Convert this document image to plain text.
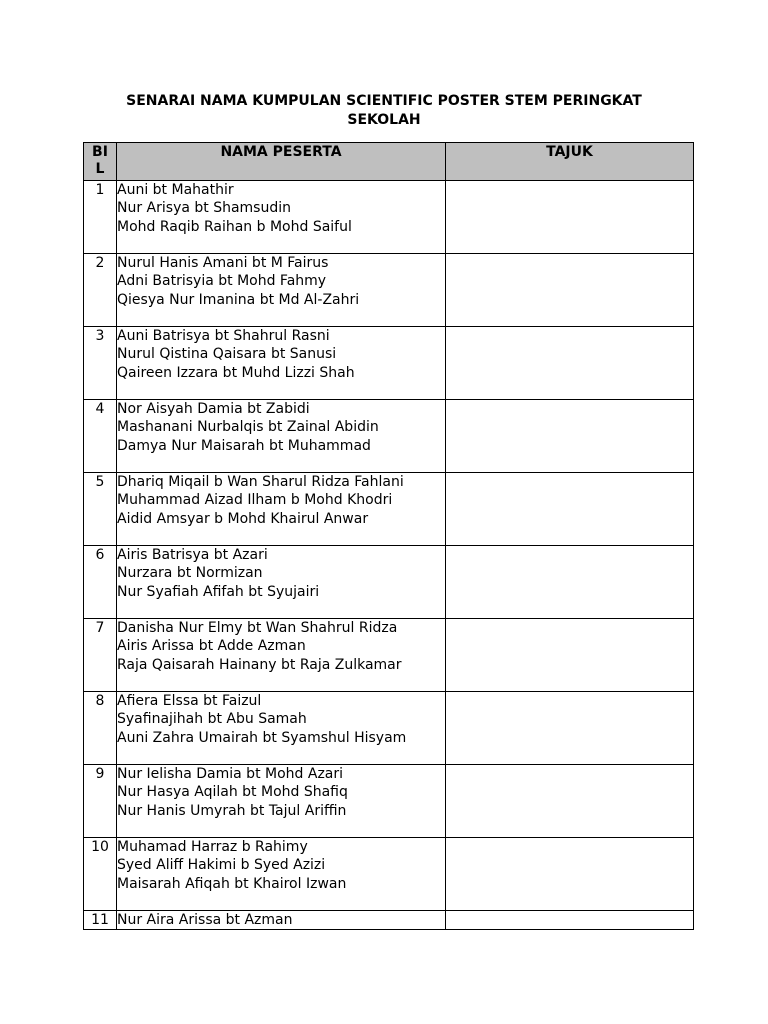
SENARAI NAMA KUMPULAN SCIENTIFIC POSTER STEM PERINGKAT SEKOLAH
BI
L	NAMA PESERTA	TAJUK
1	Auni bt Mahathir
Nur Arisya bt Shamsudin
Mohd Raqib Raihan b Mohd Saiful	

2	Nurul Hanis Amani bt M Fairus
Adni Batrisyia bt Mohd Fahmy
Qiesya Nur Imanina bt Md Al-Zahri	

3	Auni Batrisya bt Shahrul Rasni
Nurul Qistina Qaisara bt Sanusi
Qaireen Izzara bt Muhd Lizzi Shah	

4	Nor Aisyah Damia bt Zabidi
Mashanani Nurbalqis bt Zainal Abidin
Damya Nur Maisarah bt Muhammad	

5	Dhariq Miqail b Wan Sharul Ridza Fahlani
Muhammad Aizad Ilham b Mohd Khodri
Aidid Amsyar b Mohd Khairul Anwar	

6	Airis Batrisya bt Azari
Nurzara bt Normizan
Nur Syafiah Afifah bt Syujairi	

7	Danisha Nur Elmy bt Wan Shahrul Ridza
Airis Arissa bt Adde Azman
Raja Qaisarah Hainany bt Raja Zulkamar	

8	Afiera Elssa bt Faizul
Syafinajihah bt Abu Samah
Auni Zahra Umairah bt Syamshul Hisyam	

9	Nur Ielisha Damia bt Mohd Azari
Nur Hasya Aqilah bt Mohd Shafiq
Nur Hanis Umyrah bt Tajul Ariffin	

10	Muhamad Harraz b Rahimy
Syed Aliff Hakimi b Syed Azizi
Maisarah Afiqah bt Khairol Izwan	

11	Nur Aira Arissa bt Azman	
